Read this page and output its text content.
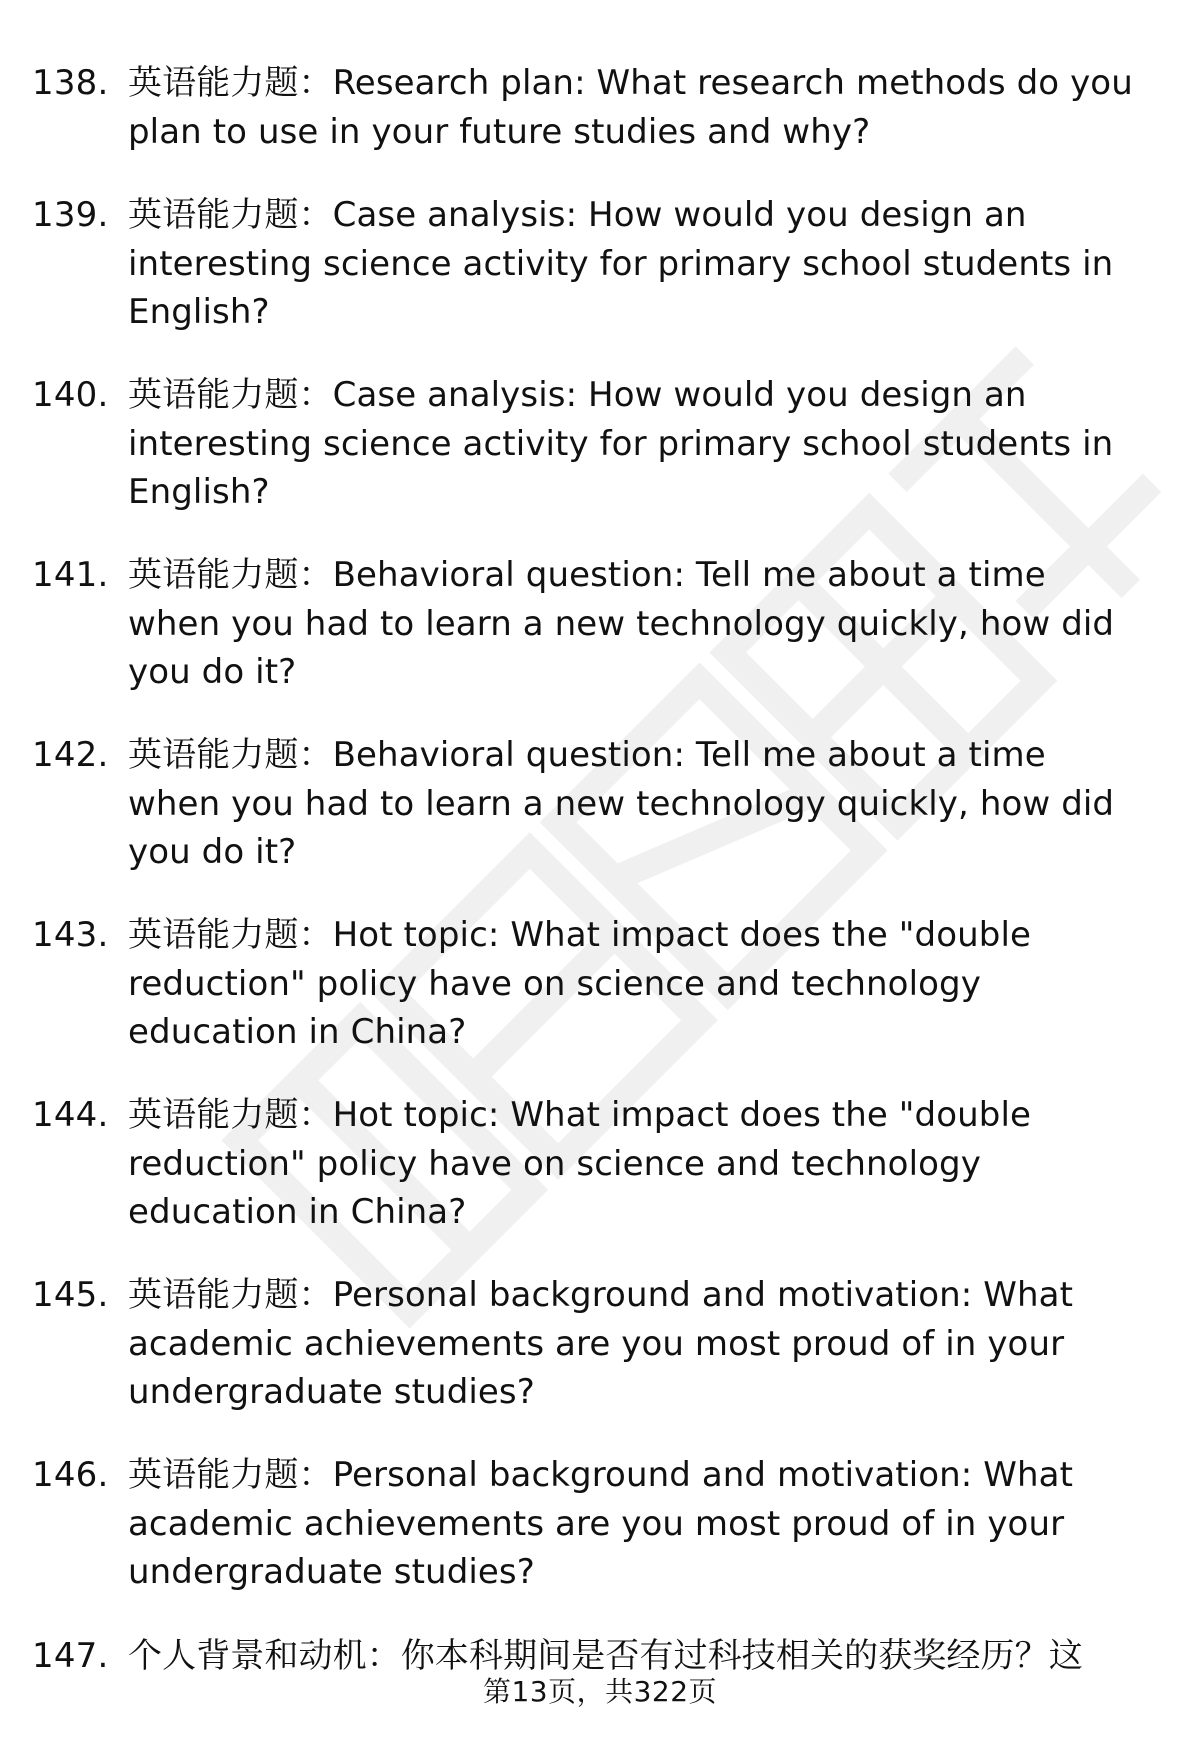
138. 英语能力题：Research plan: What research methods do you
plan to use in your future studies and why?
139. 英语能力题：Case analysis: How would you design an
interesting science activity for primary school students in
English?
140. 英语能力题：Case analysis: How would you design an
interesting science activity for primary school students in
English?
141. 英语能力题：Behavioral question: Tell me about a time
when you had to learn a new technology quickly, how did
you do it?
142. 英语能力题：Behavioral question: Tell me about a time
when you had to learn a new technology quickly, how did
you do it?
143. 英语能力题：Hot topic: What impact does the "double
reduction" policy have on science and technology
education in China?
144. 英语能力题：Hot topic: What impact does the "double
reduction" policy have on science and technology
education in China?
145. 英语能力题：Personal background and motivation: What
academic achievements are you most proud of in your
undergraduate studies?
146. 英语能力题：Personal background and motivation: What
academic achievements are you most proud of in your
undergraduate studies?
147. 个人背景和动机：你本科期间是否有过科技相关的获奖经历？这
第13页，共322页
